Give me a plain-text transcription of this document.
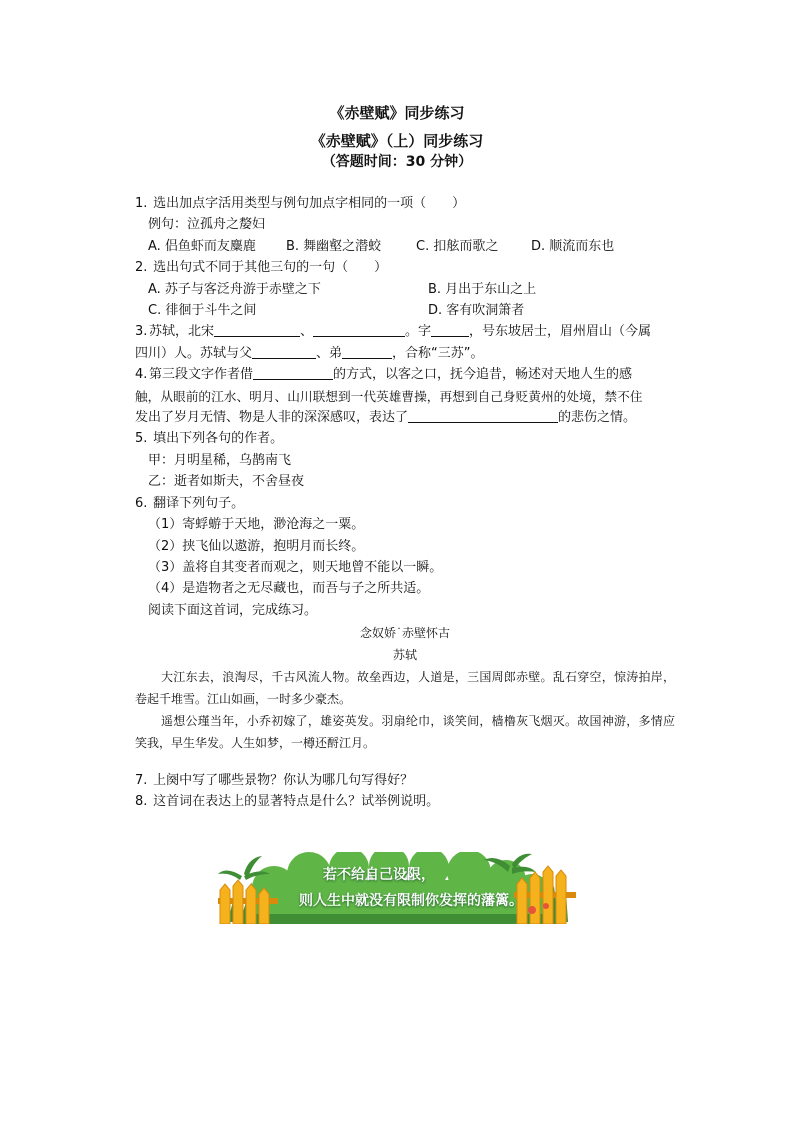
《赤壁赋》同步练习
《赤壁赋》（上）同步练习
（答题时间：30 分钟）
1. 选出加点字活用类型与例句加点字相同的一项（　　）
例句：泣孤舟之嫠妇
A. 侣鱼虾而友麋鹿	B. 舞幽壑之潜蛟	C. 扣舷而歌之	D. 顺流而东也
2. 选出句式不同于其他三句的一句（　　）
A. 苏子与客泛舟游于赤壁之下	B. 月出于东山之上
C. 徘徊于斗牛之间	D. 客有吹洞箫者
3. 苏轼，北宋	、	。字	，号东坡居士，眉州眉山（今属
四川）人。苏轼与父	、弟	，合称“三苏”。
4. 第三段文字作者借	的方式，以客之口，抚今追昔，畅述对天地人生的感
触，从眼前的江水、明月、山川联想到一代英雄曹操，再想到自己身贬黄州的处境，禁不住
发出了岁月无情、物是人非的深深感叹，表达了	的悲伤之情。
5. 填出下列各句的作者。
甲：月明星稀，乌鹊南飞
乙：逝者如斯夫，不舍昼夜
6. 翻译下列句子。
（1）寄蜉蝣于天地，渺沧海之一粟。
（2）挟飞仙以遨游，抱明月而长终。
（3）盖将自其变者而观之，则天地曾不能以一瞬。
（4）是造物者之无尽藏也，而吾与子之所共适。
阅读下面这首词，完成练习。
念奴娇˙赤壁怀古
苏轼
大江东去，浪淘尽，千古风流人物。故垒西边，人道是，三国周郎赤壁。乱石穿空，惊涛拍岸，卷起千堆雪。江山如画，一时多少豪杰。
遥想公瑾当年，小乔初嫁了，雄姿英发。羽扇纶巾，谈笑间，樯橹灰飞烟灭。故国神游，多情应笑我，早生华发。人生如梦，一樽还酹江月。
7. 上阕中写了哪些景物？你认为哪几句写得好？
8. 这首词在表达上的显著特点是什么？试举例说明。
若不给自己设限，
则人生中就没有限制你发挥的藩篱。
